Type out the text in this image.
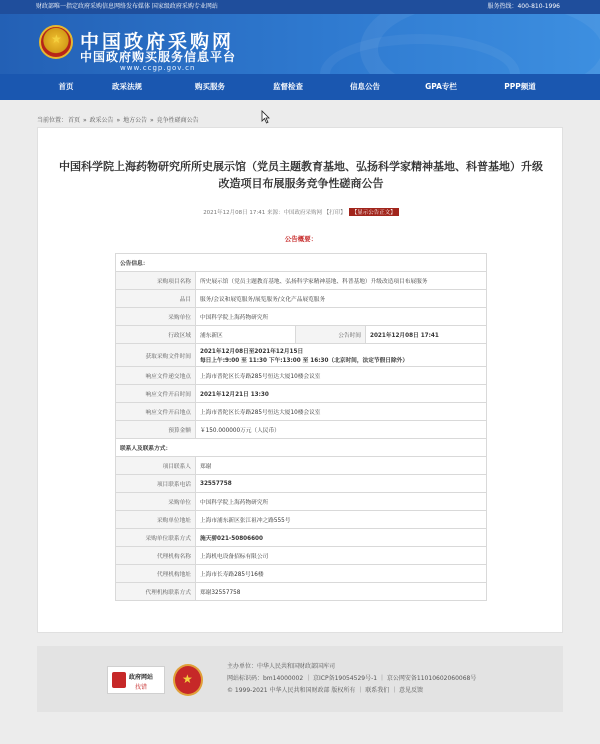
财政部唯一指定政府采购信息网络发布媒体 国家级政府采购专业网站	服务热线：400-810-1996
★ 中国政府采购网
中国政府购买服务信息平台
www.ccgp.gov.cn
首页	政采法规	购买服务	监督检查	信息公告	GPA专栏	PPP频道
当前位置：首页 » 政采公告 » 地方公告 » 竞争性磋商公告
中国科学院上海药物研究所所史展示馆（党员主题教育基地、弘扬科学家精神基地、科普基地）升级改造项目布展服务竞争性磋商公告
2021年12月08日 17:41 来源：中国政府采购网 【打印】 【显示公告正文】
公告概要：
公告信息：			
采购项目名称	所史展示馆（党员主题教育基地、弘扬科学家精神基地、科普基地）升级改造项目布展服务		
品目	服务/会议和展览服务/展览服务/文化产品展览服务		
采购单位	中国科学院上海药物研究所		
行政区域	浦东新区	公告时间	2021年12月08日 17:41
获取采购文件时间	2021年12月08日至2021年12月15日
每日上午:9:00 至 11:30 下午:13:00 至 16:30（北京时间，法定节假日除外）		

响应文件递交地点	上海市普陀区长寿路285号恒达大厦10楼会议室		
响应文件开启时间	2021年12月21日 13:30		
响应文件开启地点	上海市普陀区长寿路285号恒达大厦10楼会议室		
预算金额	￥150.000000万元（人民币）		
联系人及联系方式：			
项目联系人	郑谢		
项目联系电话	32557758		
采购单位	中国科学院上海药物研究所		
采购单位地址	上海市浦东新区张江祖冲之路555号		
采购单位联系方式	施天骄021-50806600		
代理机构名称	上海机电设备招标有限公司		
代理机构地址	上海市长寿路285号16楼		
代理机构联系方式	郑谢32557758		
政府网站
找错
★
主办单位：中华人民共和国财政部国库司
网站标识码：bm14000002 ｜ 京ICP备19054529号-1 ｜ 京公网安备11010602060068号
© 1999-2021 中华人民共和国财政部 版权所有 ｜ 联系我们 ｜ 意见反馈
